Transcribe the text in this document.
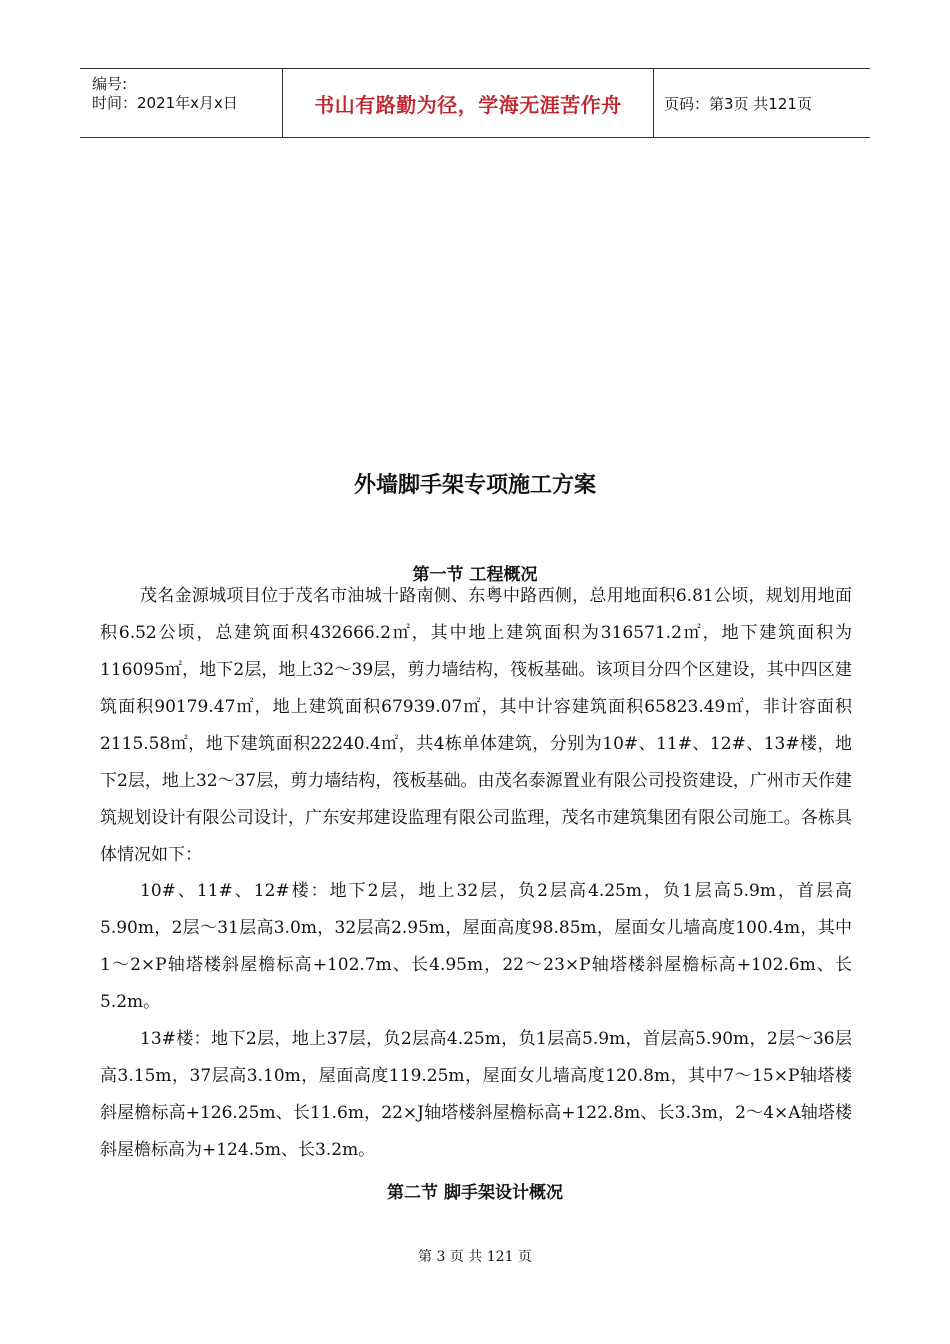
编号:
时间：2021年x月x日	书山有路勤为径，学海无涯苦作舟	页码：第3页 共121页
外墙脚手架专项施工方案
第一节 工程概况

茂名金源城项目位于茂名市油城十路南侧、东粤中路西侧，总用地面积6.81公顷，规划用地面积6.52公顷，总建筑面积432666.2㎡，其中地上建筑面积为316571.2㎡，地下建筑面积为116095㎡，地下2层，地上32～39层，剪力墙结构，筏板基础。该项目分四个区建设，其中四区建筑面积90179.47㎡，地上建筑面积67939.07㎡，其中计容建筑面积65823.49㎡，非计容面积2115.58㎡，地下建筑面积22240.4㎡，共4栋单体建筑，分别为10#、11#、12#、13#楼，地下2层，地上32～37层，剪力墙结构，筏板基础。由茂名泰源置业有限公司投资建设，广州市天作建筑规划设计有限公司设计，广东安邦建设监理有限公司监理，茂名市建筑集团有限公司施工。各栋具体情况如下：

10#、11#、12#楼：地下2层，地上32层，负2层高4.25m，负1层高5.9m，首层高5.90m，2层～31层高3.0m，32层高2.95m，屋面高度98.85m，屋面女儿墙高度100.4m，其中1～2×P轴塔楼斜屋檐标高+102.7m、长4.95m，22～23×P轴塔楼斜屋檐标高+102.6m、长5.2m。

13#楼：地下2层，地上37层，负2层高4.25m，负1层高5.9m，首层高5.90m，2层～36层高3.15m，37层高3.10m，屋面高度119.25m，屋面女儿墙高度120.8m，其中7～15×P轴塔楼斜屋檐标高+126.25m、长11.6m，22×J轴塔楼斜屋檐标高+122.8m、长3.3m，2～4×A轴塔楼斜屋檐标高为+124.5m、长3.2m。

第二节 脚手架设计概况
第 3 页 共 121 页
